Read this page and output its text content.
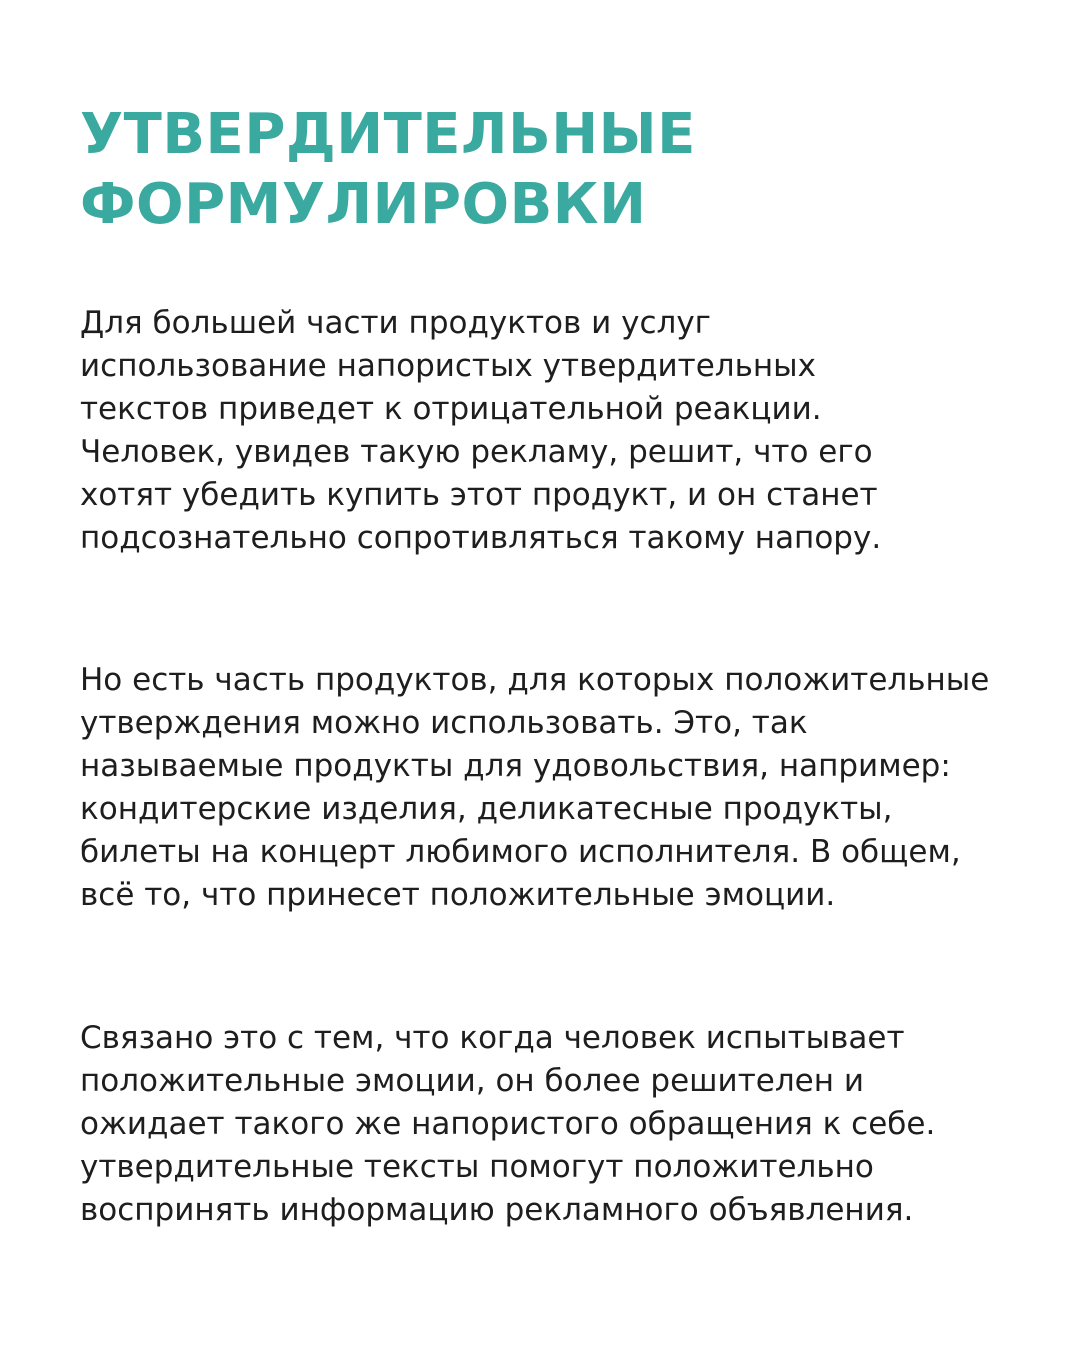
УТВЕРДИТЕЛЬНЫЕ
ФОРМУЛИРОВКИ

Для большей части продуктов и услуг
использование напористых утвердительных
текстов приведет к отрицательной реакции.
Человек, увидев такую рекламу, решит, что его
хотят убедить купить этот продукт, и он станет
подсознательно сопротивляться такому напору.

Но есть часть продуктов, для которых положительные
утверждения можно использовать. Это, так
называемые продукты для удовольствия, например:
кондитерские изделия, деликатесные продукты,
билеты на концерт любимого исполнителя. В общем,
всё то, что принесет положительные эмоции.

Связано это с тем, что когда человек испытывает
положительные эмоции, он более решителен и
ожидает такого же напористого обращения к себе.
утвердительные тексты помогут положительно
воспринять информацию рекламного объявления.
